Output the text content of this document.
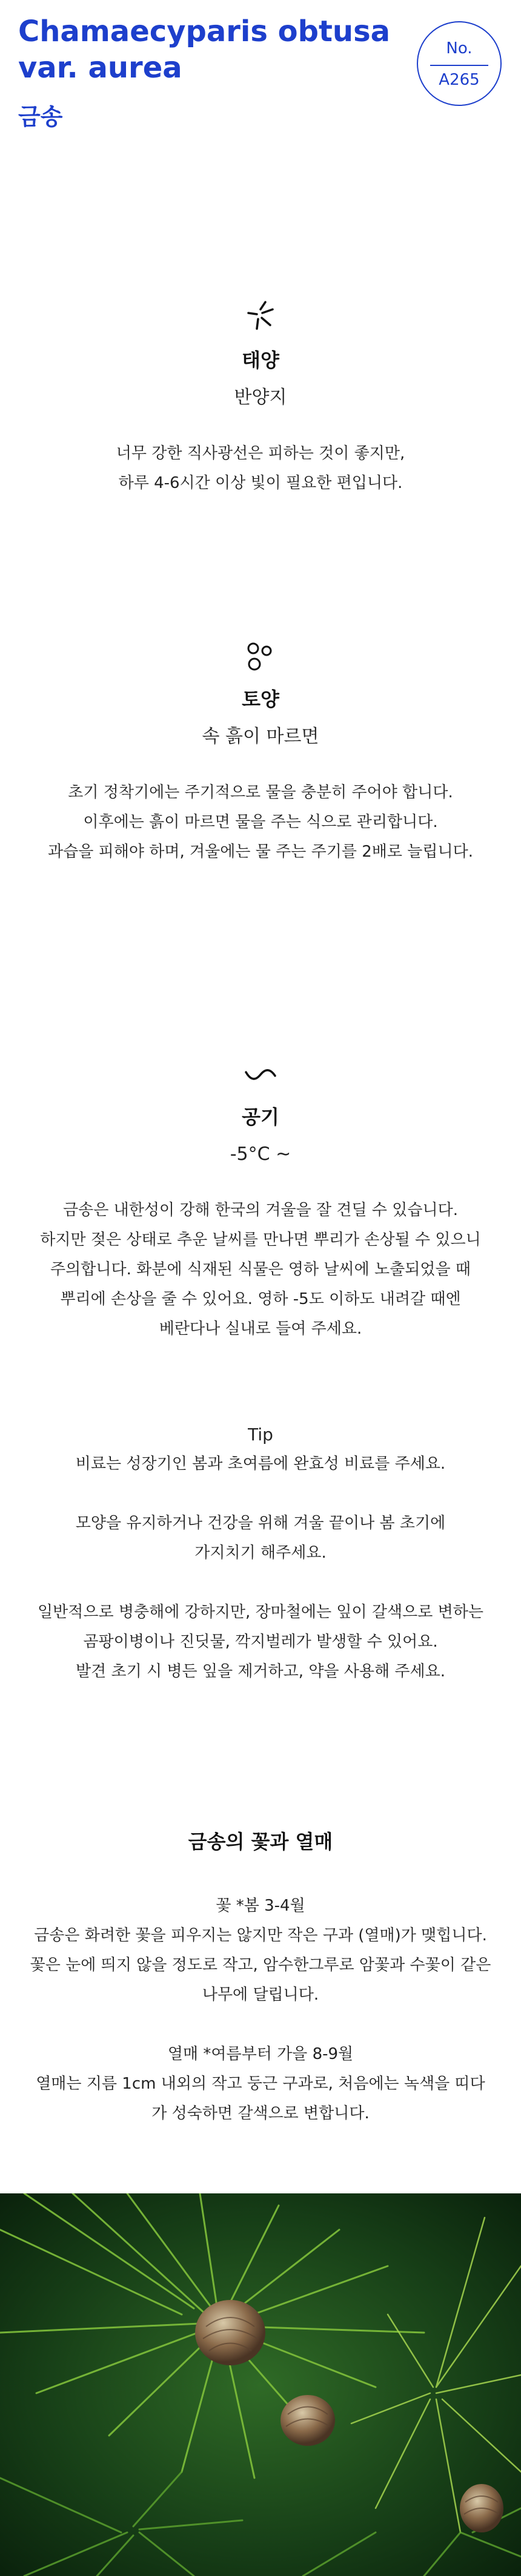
Chamaecyparis obtusa var. aurea
금송
No.
A265
태양
반양지
너무 강한 직사광선은 피하는 것이 좋지만,
하루 4-6시간 이상 빛이 필요한 편입니다.
토양
속 흙이 마르면
초기 정착기에는 주기적으로 물을 충분히 주어야 합니다.
이후에는 흙이 마르면 물을 주는 식으로 관리합니다.
과습을 피해야 하며, 겨울에는 물 주는 주기를 2배로 늘립니다.
공기
-5°C ~
금송은 내한성이 강해 한국의 겨울을 잘 견딜 수 있습니다.
하지만 젖은 상태로 추운 날씨를 만나면 뿌리가 손상될 수 있으니
주의합니다. 화분에 식재된 식물은 영하 날씨에 노출되었을 때
뿌리에 손상을 줄 수 있어요. 영하 -5도 이하도 내려갈 때엔
베란다나 실내로 들여 주세요.
Tip
비료는 성장기인 봄과 초여름에 완효성 비료를 주세요.

모양을 유지하거나 건강을 위해 겨울 끝이나 봄 초기에
가지치기 해주세요.

일반적으로 병충해에 강하지만, 장마철에는 잎이 갈색으로 변하는
곰팡이병이나 진딧물, 깍지벌레가 발생할 수 있어요.
발견 초기 시 병든 잎을 제거하고, 약을 사용해 주세요.
금송의 꽃과 열매
꽃 *봄 3-4월
금송은 화려한 꽃을 피우지는 않지만 작은 구과 (열매)가 맺힙니다.
꽃은 눈에 띄지 않을 정도로 작고, 암수한그루로 암꽃과 수꽃이 같은
나무에 달립니다.

열매 *여름부터 가을 8-9월
열매는 지름 1cm 내외의 작고 둥근 구과로, 처음에는 녹색을 띠다
가 성숙하면 갈색으로 변합니다.
